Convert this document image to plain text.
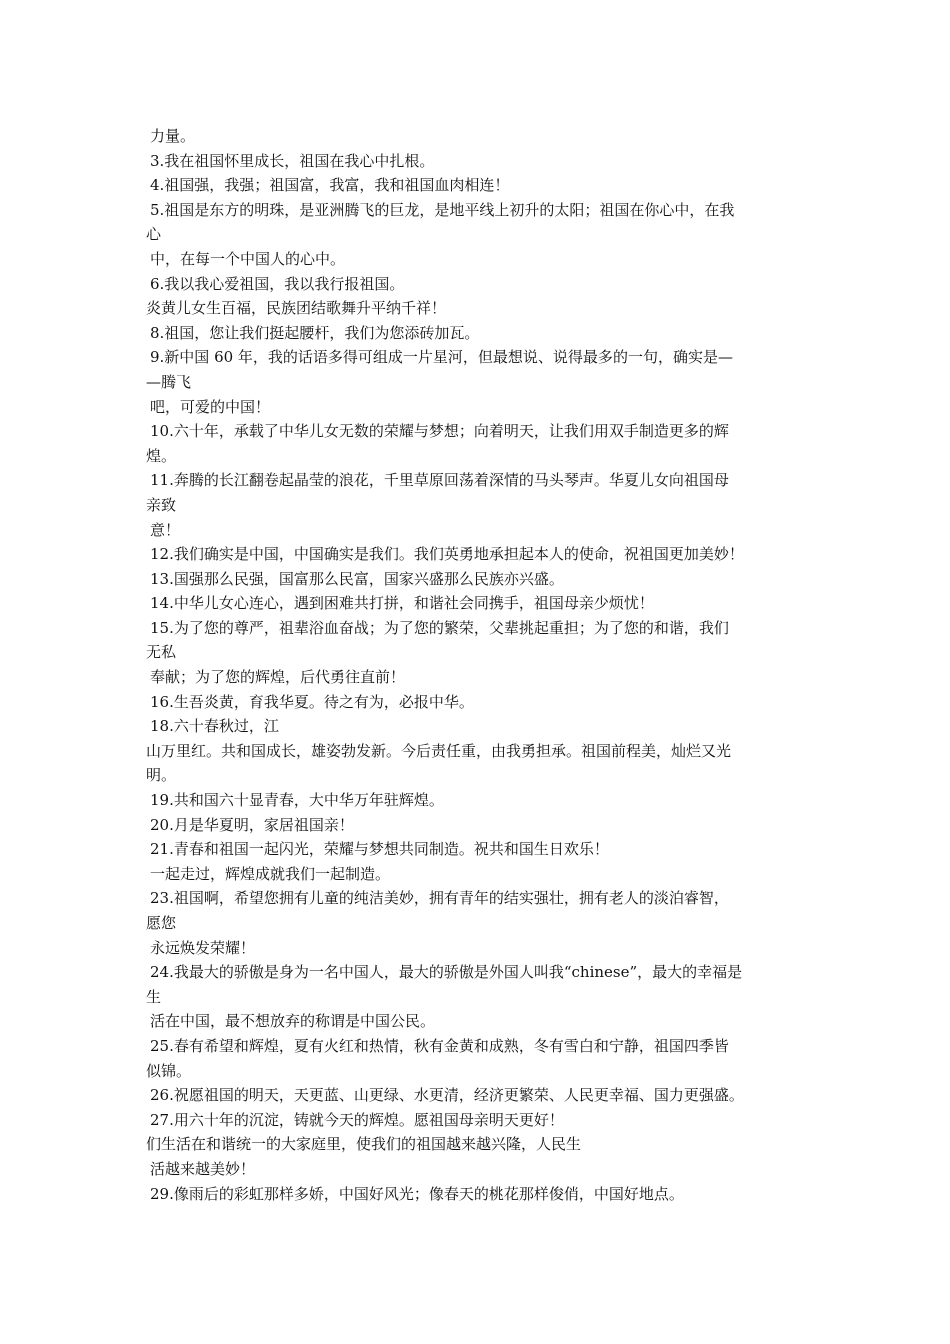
力量。
3.我在祖国怀里成长，祖国在我心中扎根。
4.祖国强，我强；祖国富，我富，我和祖国血肉相连！
5.祖国是东方的明珠，是亚洲腾飞的巨龙，是地平线上初升的太阳；祖国在你心中，在我
心
中，在每一个中国人的心中。
6.我以我心爱祖国，我以我行报祖国。
炎黄儿女生百福，民族团结歌舞升平纳千祥！
8.祖国，您让我们挺起腰杆，我们为您添砖加瓦。
9.新中国 60 年，我的话语多得可组成一片星河，但最想说、说得最多的一句，确实是—
—腾飞
吧，可爱的中国！
10.六十年，承载了中华儿女无数的荣耀与梦想；向着明天，让我们用双手制造更多的辉
煌。
11.奔腾的长江翻卷起晶莹的浪花，千里草原回荡着深情的马头琴声。华夏儿女向祖国母
亲致
意！
12.我们确实是中国，中国确实是我们。我们英勇地承担起本人的使命，祝祖国更加美妙！
13.国强那么民强，国富那么民富，国家兴盛那么民族亦兴盛。
14.中华儿女心连心，遇到困难共打拼，和谐社会同携手，祖国母亲少烦忧！
15.为了您的尊严，祖辈浴血奋战；为了您的繁荣，父辈挑起重担；为了您的和谐，我们
无私
奉献；为了您的辉煌，后代勇往直前！
16.生吾炎黄，育我华夏。待之有为，必报中华。
18.六十春秋过，江
山万里红。共和国成长，雄姿勃发新。今后责任重，由我勇担承。祖国前程美，灿烂又光
明。
19.共和国六十显青春，大中华万年驻辉煌。
20.月是华夏明，家居祖国亲！
21.青春和祖国一起闪光，荣耀与梦想共同制造。祝共和国生日欢乐！
一起走过，辉煌成就我们一起制造。
23.祖国啊，希望您拥有儿童的纯洁美妙，拥有青年的结实强壮，拥有老人的淡泊睿智，
愿您
永远焕发荣耀！
24.我最大的骄傲是身为一名中国人，最大的骄傲是外国人叫我“chinese”，最大的幸福是
生
活在中国，最不想放弃的称谓是中国公民。
25.春有希望和辉煌，夏有火红和热情，秋有金黄和成熟，冬有雪白和宁静，祖国四季皆
似锦。
26.祝愿祖国的明天，天更蓝、山更绿、水更清，经济更繁荣、人民更幸福、国力更强盛。
27.用六十年的沉淀，铸就今天的辉煌。愿祖国母亲明天更好！
们生活在和谐统一的大家庭里，使我们的祖国越来越兴隆，人民生
活越来越美妙！
29.像雨后的彩虹那样多娇，中国好风光；像春天的桃花那样俊俏，中国好地点。
